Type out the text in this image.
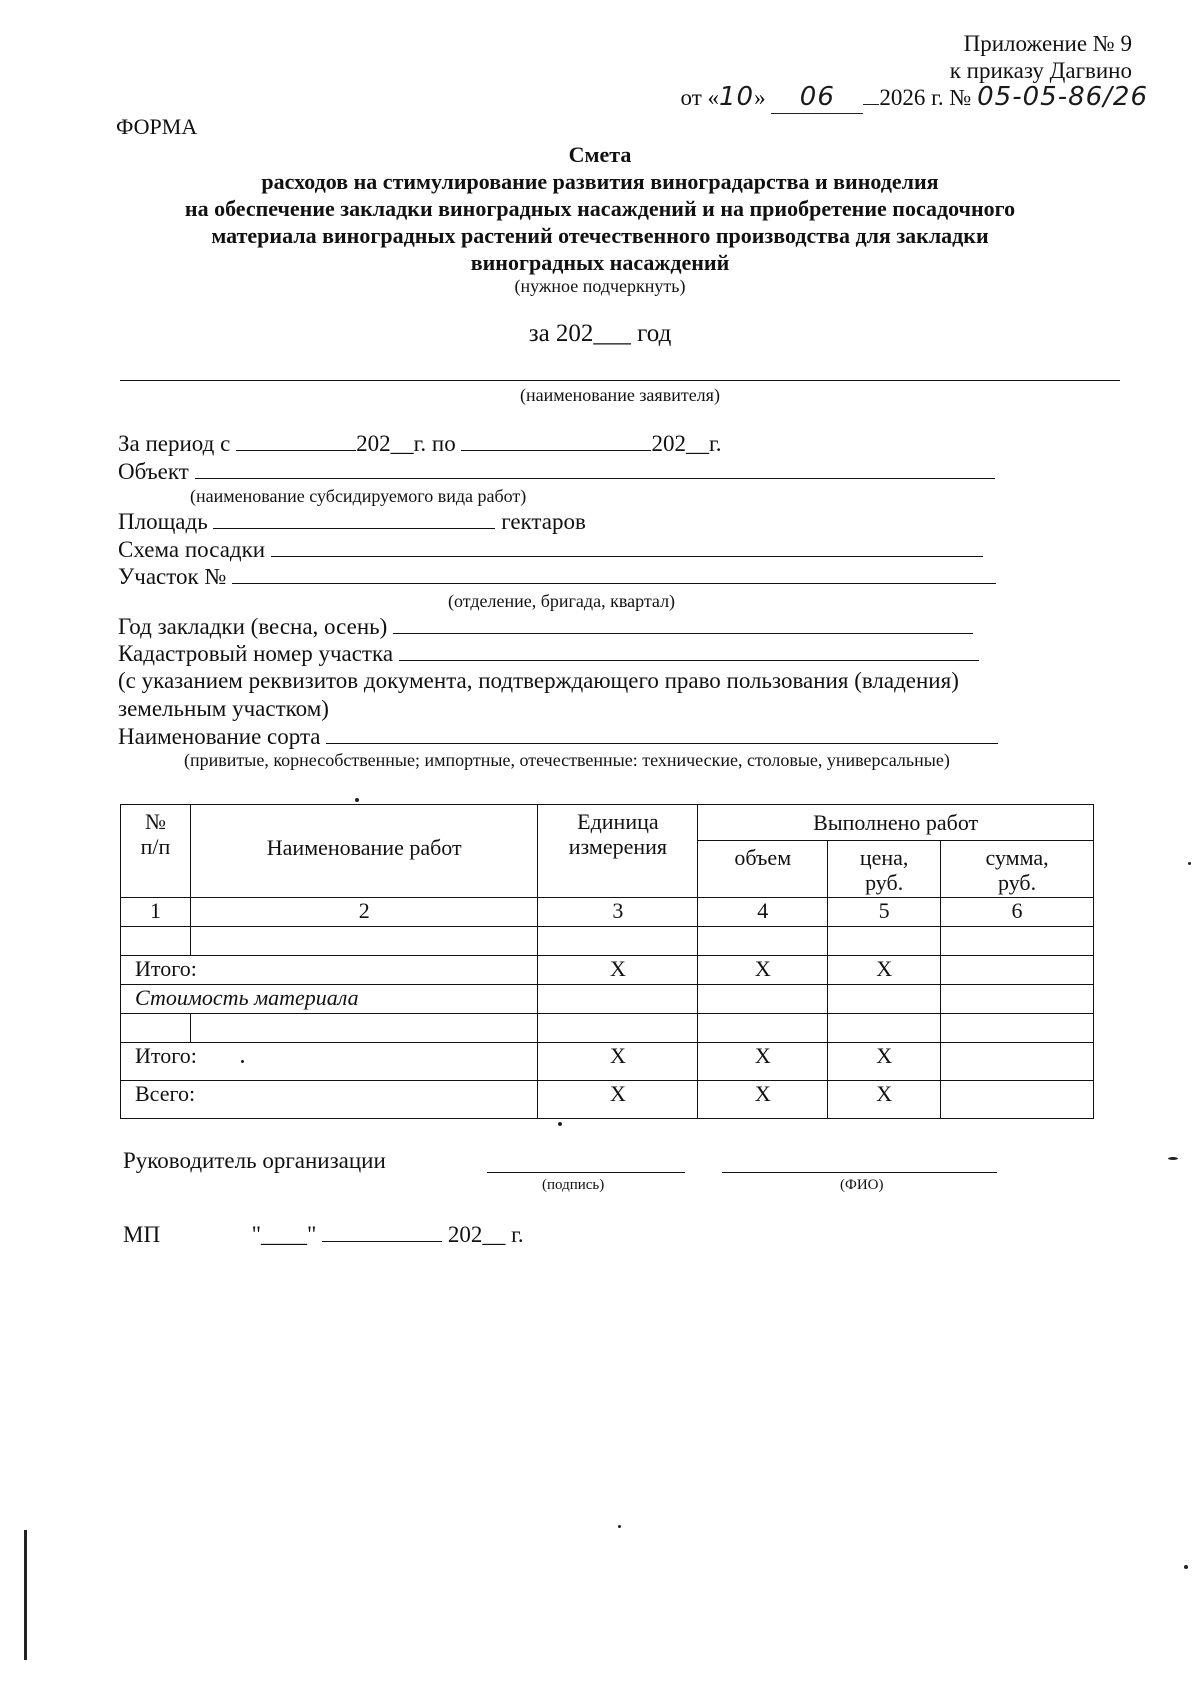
Приложение № 9
к приказу Дагвино
от «10» 06 2026 г. № 05-05-86/26
ФОРМА
Смета
расходов на стимулирование развития виноградарства и виноделия
на обеспечение закладки виноградных насаждений и на приобретение посадочного
материала виноградных растений отечественного производства для закладки
виноградных насаждений
(нужное подчеркнуть)
за 202___ год
(наименование заявителя)
За период с	202__г. по	202__г.
Объект
(наименование субсидируемого вида работ)
Площадь	гектаров
Схема посадки
Участок №
(отделение, бригада, квартал)
Год закладки (весна, осень)
Кадастровый номер участка
(с указанием реквизитов документа, подтверждающего право пользования (владения)
земельным участком)
Наименование сорта
(привитые, корнесобственные; импортные, отечественные: технические, столовые, универсальные)
№ п/п	Наименование работ	Единица измерения	Выполнено работ		

			объем	цена, руб.	сумма, руб.

1	2	3	4	5	6

Итого:		X	X	X	
Стоимость материала					

Итого:		X	X	X	
Всего:		X	X	X	
Руководитель организации
(подпись)	(ФИО)
МП	"____"	202__ г.
